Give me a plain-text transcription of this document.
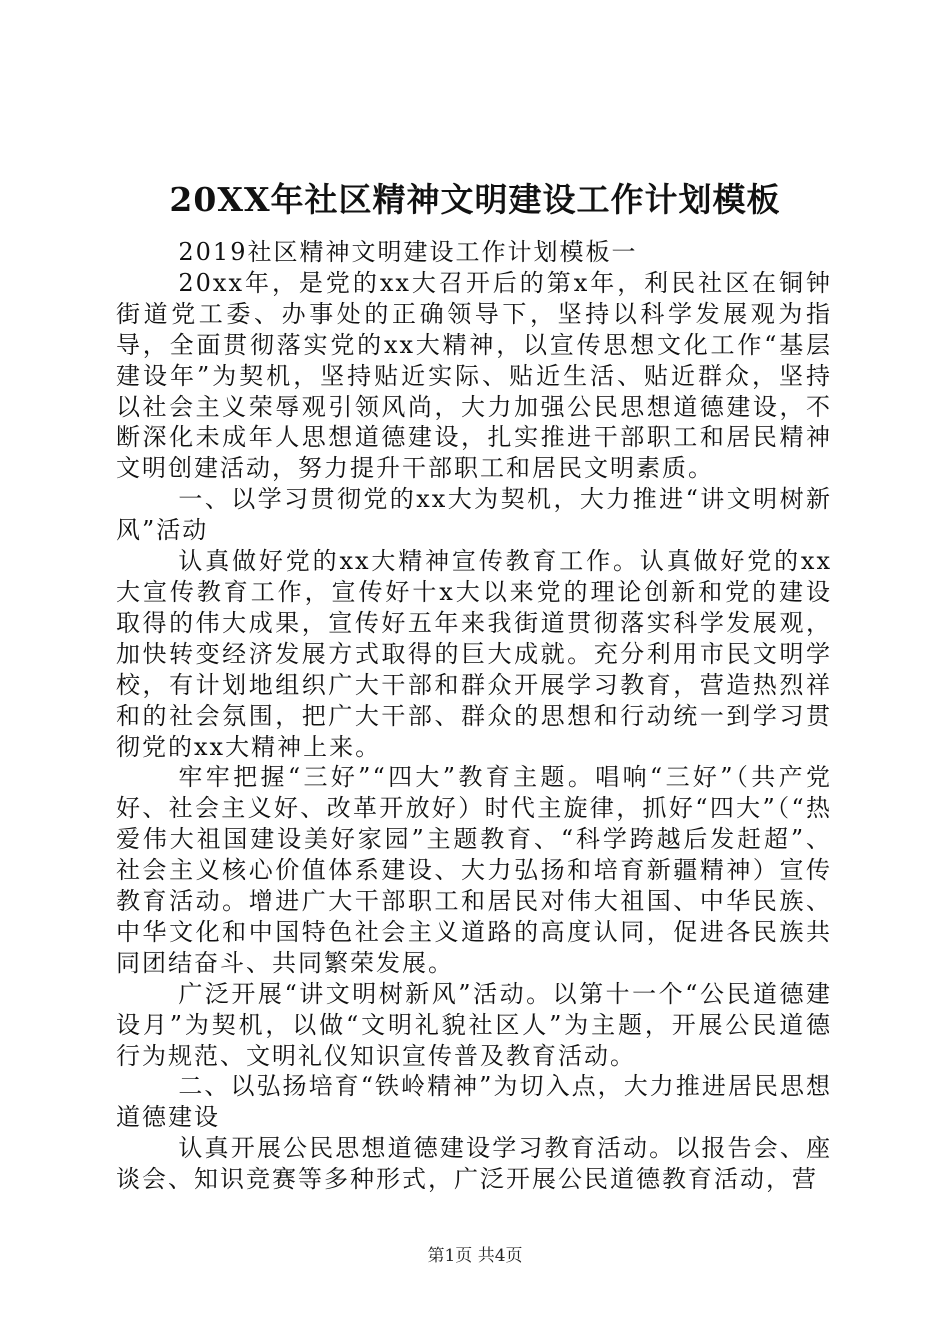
20XX年社区精神文明建设工作计划模板

2019社区精神文明建设工作计划模板一

20xx年，是党的xx大召开后的第x年，利民社区在铜钟街道党工委、办事处的正确领导下，坚持以科学发展观为指导，全面贯彻落实党的xx大精神，以宣传思想文化工作“基层建设年”为契机，坚持贴近实际、贴近生活、贴近群众，坚持以社会主义荣辱观引领风尚，大力加强公民思想道德建设，不断深化未成年人思想道德建设，扎实推进干部职工和居民精神文明创建活动，努力提升干部职工和居民文明素质。

一、以学习贯彻党的xx大为契机，大力推进“讲文明树新风”活动

认真做好党的xx大精神宣传教育工作。认真做好党的xx大宣传教育工作，宣传好十x大以来党的理论创新和党的建设取得的伟大成果，宣传好五年来我街道贯彻落实科学发展观，加快转变经济发展方式取得的巨大成就。充分利用市民文明学校，有计划地组织广大干部和群众开展学习教育，营造热烈祥和的社会氛围，把广大干部、群众的思想和行动统一到学习贯彻党的xx大精神上来。

牢牢把握“三好”“四大”教育主题。唱响“三好”（共产党好、社会主义好、改革开放好）时代主旋律，抓好“四大”（“热爱伟大祖国建设美好家园”主题教育、“科学跨越后发赶超”、社会主义核心价值体系建设、大力弘扬和培育新疆精神）宣传教育活动。增进广大干部职工和居民对伟大祖国、中华民族、中华文化和中国特色社会主义道路的高度认同，促进各民族共同团结奋斗、共同繁荣发展。

广泛开展“讲文明树新风”活动。以第十一个“公民道德建设月”为契机，以做“文明礼貌社区人”为主题，开展公民道德行为规范、文明礼仪知识宣传普及教育活动。

二、以弘扬培育“铁岭精神”为切入点，大力推进居民思想道德建设

认真开展公民思想道德建设学习教育活动。以报告会、座谈会、知识竞赛等多种形式，广泛开展公民道德教育活动，营

第1页 共4页
